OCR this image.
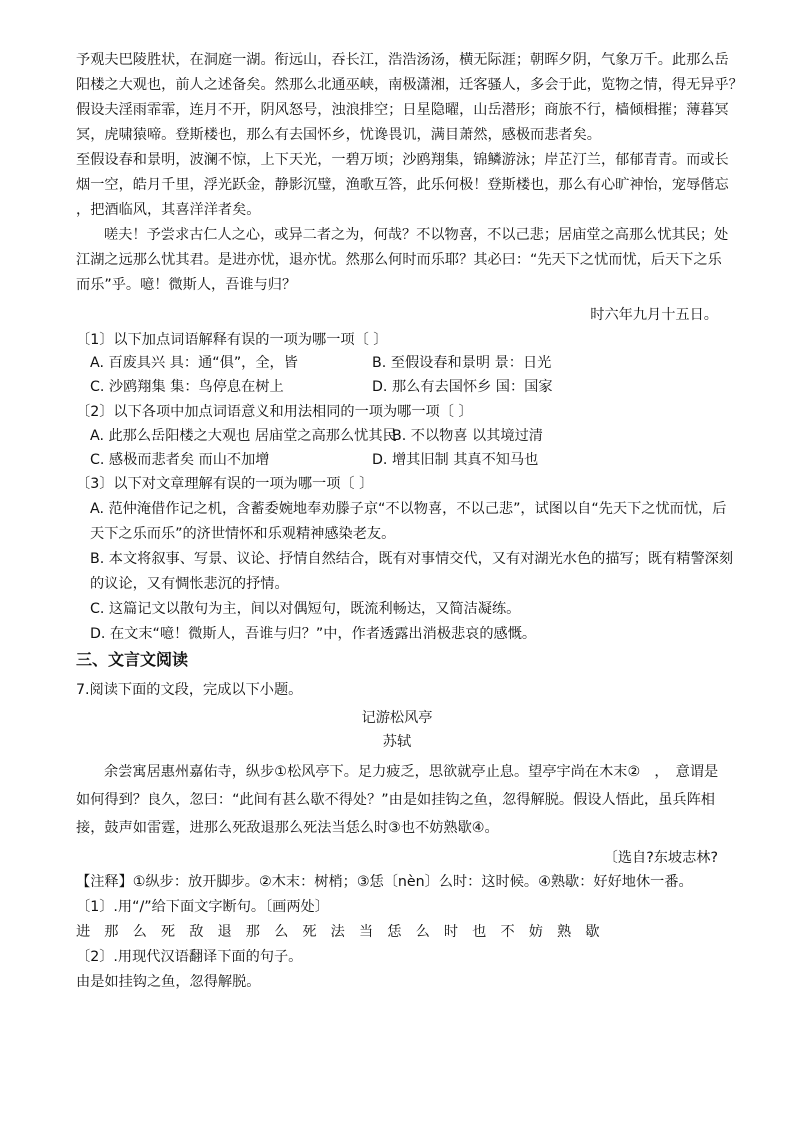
予观夫巴陵胜状，在洞庭一湖。衔远山，吞长江，浩浩汤汤，横无际涯；朝晖夕阴，气象万千。此那么岳
阳楼之大观也，前人之述备矣。然那么北通巫峡，南极潇湘，迁客骚人，多会于此，览物之情，得无异乎？
假设夫淫雨霏霏，连月不开，阴风怒号，浊浪排空；日星隐曜，山岳潜形；商旅不行，樯倾楫摧；薄暮冥
冥，虎啸猿啼。登斯楼也，那么有去国怀乡，忧谗畏讥，满目萧然，感极而悲者矣。
至假设春和景明，波澜不惊，上下天光，一碧万顷；沙鸥翔集，锦鳞游泳；岸芷汀兰，郁郁青青。而或长
烟一空，皓月千里，浮光跃金，静影沉璧，渔歌互答，此乐何极！登斯楼也，那么有心旷神怡，宠辱偕忘
，把酒临风，其喜洋洋者矣。
嗟夫！予尝求古仁人之心，或异二者之为，何哉？不以物喜，不以己悲；居庙堂之高那么忧其民；处
江湖之远那么忧其君。是进亦忧，退亦忧。然那么何时而乐耶？其必曰：“先天下之忧而忧，后天下之乐
而乐”乎。噫！微斯人，吾谁与归？
时六年九月十五日。
〔1〕以下加点词语解释有误的一项为哪一项〔 〕
A. 百废具兴 具：通“俱”，全，皆	B. 至假设春和景明 景：日光
C. 沙鸥翔集 集：鸟停息在树上	D. 那么有去国怀乡 国：国家
〔2〕以下各项中加点词语意义和用法相同的一项为哪一项〔 〕
A. 此那么岳阳楼之大观也 居庙堂之高那么忧其民
B. 不以物喜 以其境过清
C. 感极而悲者矣 而山不加增	D. 增其旧制 其真不知马也
〔3〕以下对文章理解有误的一项为哪一项〔 〕
A. 范仲淹借作记之机，含蓄委婉地奉劝滕子京“不以物喜，不以己悲”，试图以自“先天下之忧而忧，后
天下之乐而乐”的济世情怀和乐观精神感染老友。
B. 本文将叙事、写景、议论、抒情自然结合，既有对事情交代，又有对湖光水色的描写；既有精警深刻
的议论，又有惆怅悲沉的抒情。
C. 这篇记文以散句为主，间以对偶短句，既流利畅达，又简洁凝练。
D. 在文末“噫！微斯人，吾谁与归？”中，作者透露出消极悲哀的感慨。
三、文言文阅读
7.阅读下面的文段，完成以下小题。
记游松风亭
苏轼
余尝寓居惠州嘉佑寺，纵步①松风亭下。足力疲乏，思欲就亭止息。望亭宇尚在木末②　，　意谓是
如何得到？良久，忽曰：“此间有甚么歇不得处？”由是如挂钩之鱼，忽得解脱。假设人悟此，虽兵阵相
接，鼓声如雷霆，进那么死敌退那么死法当恁么时③也不妨熟歇④。
〔选自?东坡志林?
【注释】①纵步：放开脚步。②木末：树梢；③恁〔nèn〕么时：这时候。④熟歇：好好地休一番。
〔1〕.用“/”给下面文字断句。〔画两处〕
进 那 么 死 敌 退 那 么 死 法 当 恁 么 时 也 不 妨 熟 歇
〔2〕.用现代汉语翻译下面的句子。
由是如挂钩之鱼，忽得解脱。
